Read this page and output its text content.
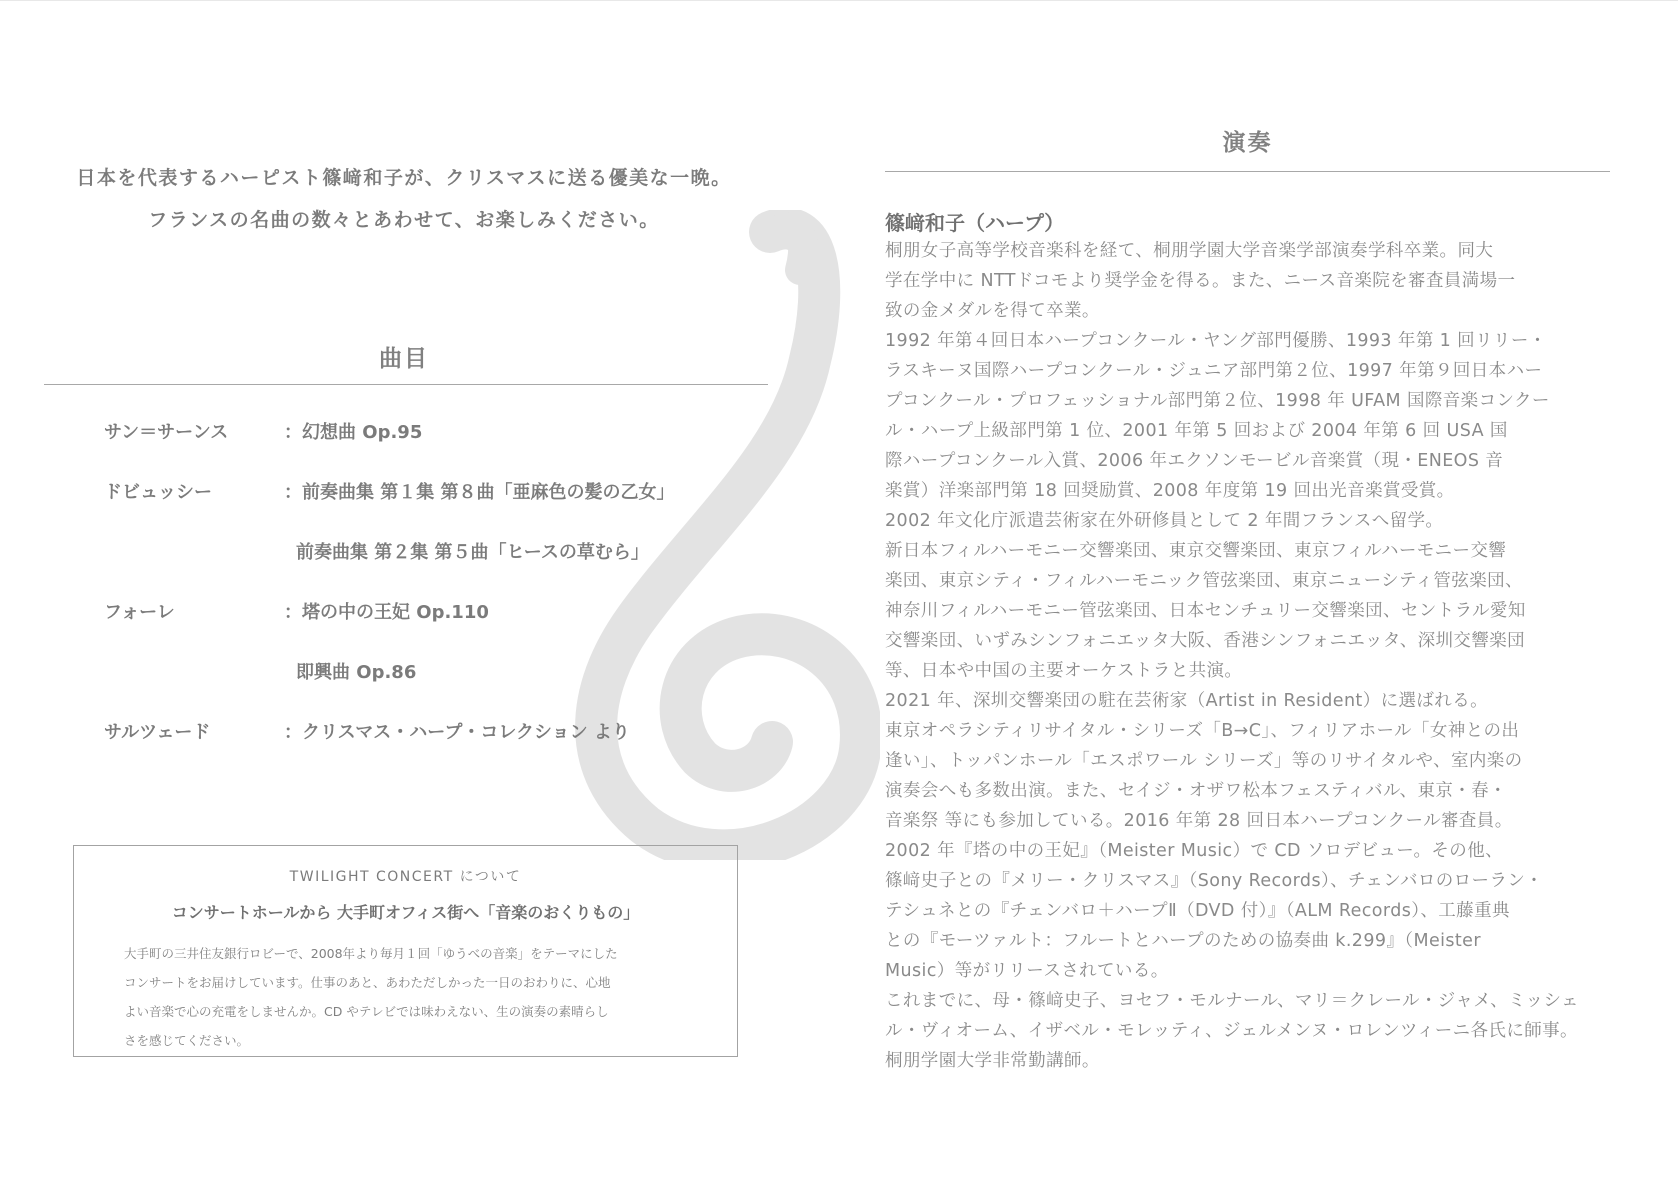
日本を代表するハーピスト篠﨑和子が、クリスマスに送る優美な一晩。

フランスの名曲の数々とあわせて、お楽しみください。

曲目
サン＝サーンス	：幻想曲 Op.95
ドビュッシー	：前奏曲集 第１集 第８曲「亜麻色の髪の乙女」
前奏曲集 第２集 第５曲「ヒースの草むら」
フォーレ	：塔の中の王妃 Op.110
即興曲 Op.86
サルツェード	：クリスマス・ハープ・コレクション より
TWILIGHT CONCERT について
コンサートホールから 大手町オフィス街へ「音楽のおくりもの」

大手町の三井住友銀行ロビーで、2008年より毎月１回「ゆうべの音楽」をテーマにした

コンサートをお届けしています。仕事のあと、あわただしかった一日のおわりに、心地

よい音楽で心の充電をしませんか。CD やテレビでは味わえない、生の演奏の素晴らし

さを感じてください。

演奏
篠﨑和子（ハープ）

桐朋女子高等学校音楽科を経て、桐朋学園大学音楽学部演奏学科卒業。同大

学在学中に NTTドコモより奨学金を得る。また、ニース音楽院を審査員満場一

致の金メダルを得て卒業。

1992 年第４回日本ハープコンクール・ヤング部門優勝、1993 年第 1 回リリー・

ラスキーヌ国際ハープコンクール・ジュニア部門第２位、1997 年第９回日本ハー

プコンクール・プロフェッショナル部門第２位、1998 年 UFAM 国際音楽コンクー

ル・ハープ上級部門第 1 位、2001 年第 5 回および 2004 年第 6 回 USA 国

際ハープコンクール入賞、2006 年エクソンモービル音楽賞（現・ENEOS 音

楽賞）洋楽部門第 18 回奨励賞、2008 年度第 19 回出光音楽賞受賞。

2002 年文化庁派遣芸術家在外研修員として 2 年間フランスへ留学。

新日本フィルハーモニー交響楽団、東京交響楽団、東京フィルハーモニー交響

楽団、東京シティ・フィルハーモニック管弦楽団、東京ニューシティ管弦楽団、

神奈川フィルハーモニー管弦楽団、日本センチュリー交響楽団、セントラル愛知

交響楽団、いずみシンフォニエッタ大阪、香港シンフォニエッタ、深圳交響楽団

等、日本や中国の主要オーケストラと共演。

2021 年、深圳交響楽団の駐在芸術家（Artist in Resident）に選ばれる。

東京オペラシティリサイタル・シリーズ「B→C」、フィリアホール「女神との出

逢い」、トッパンホール「エスポワール シリーズ」等のリサイタルや、室内楽の

演奏会へも多数出演。また、セイジ・オザワ松本フェスティバル、東京・春・

音楽祭 等にも参加している。2016 年第 28 回日本ハープコンクール審査員。

2002 年『塔の中の王妃』（Meister Music）で CD ソロデビュー。その他、

篠﨑史子との『メリー・クリスマス』（Sony Records）、チェンバロのローラン・

テシュネとの『チェンバロ＋ハープⅡ（DVD 付）』（ALM Records）、工藤重典

との『モーツァルト：フルートとハープのための協奏曲 k.299』（Meister

Music）等がリリースされている。

これまでに、母・篠﨑史子、ヨセフ・モルナール、マリ＝クレール・ジャメ、ミッシェ

ル・ヴィオーム、イザベル・モレッティ、ジェルメンヌ・ロレンツィーニ各氏に師事。

桐朋学園大学非常勤講師。
